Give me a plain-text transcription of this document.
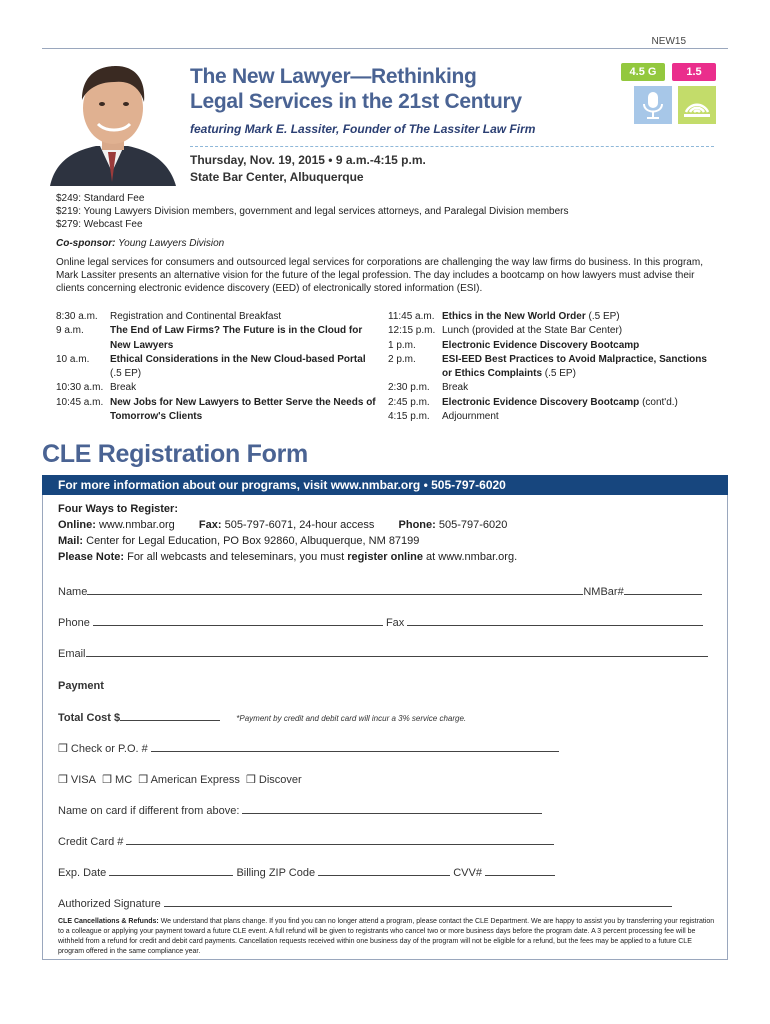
NEW15
The New Lawyer—Rethinking
Legal Services in the 21st Century
4.5 G	1.5
featuring Mark E. Lassiter, Founder of The Lassiter Law Firm
Thursday, Nov. 19, 2015 • 9 a.m.-4:15 p.m.
State Bar Center, Albuquerque
$249: Standard Fee
$219: Young Lawyers Division members, government and legal services attorneys, and Paralegal Division members
$279: Webcast Fee
Co-sponsor: Young Lawyers Division
Online legal services for consumers and outsourced legal services for corporations are challenging the way law firms do business. In this program, Mark Lassiter presents an alternative vision for the future of the legal profession. The day includes a bootcamp on how lawyers must advise their clients concerning electronic evidence discovery (EED) of electronically stored information (ESI).
8:30 a.m.	Registration and Continental Breakfast
9 a.m.	The End of Law Firms? The Future is in the Cloud for New Lawyers
10 a.m.	Ethical Considerations in the New Cloud-based Portal (.5 EP)
10:30 a.m. Break
10:45 a.m. New Jobs for New Lawyers to Better Serve the Needs of Tomorrow's Clients
11:45 a.m. Ethics in the New World Order (.5 EP)
12:15 p.m. Lunch (provided at the State Bar Center)
1 p.m.	Electronic Evidence Discovery Bootcamp
2 p.m.	ESI-EED Best Practices to Avoid Malpractice, Sanctions or Ethics Complaints (.5 EP)
2:30 p.m.	Break
2:45 p.m.	Electronic Evidence Discovery Bootcamp (cont'd.)
4:15 p.m.	Adjournment
CLE Registration Form
For more information about our programs, visit www.nmbar.org • 505-797-6020
Four Ways to Register:
Online: www.nmbar.org Fax: 505-797-6071, 24-hour access Phone: 505-797-6020
Mail: Center for Legal Education, PO Box 92860, Albuquerque, NM 87199
Please Note: For all webcasts and teleseminars, you must register online at www.nmbar.org.
Name	NMBar#
Phone	Fax
Email
Payment
Total Cost $	*Payment by credit and debit card will incur a 3% service charge.
❒ Check or P.O. #
❒ VISA ❒ MC ❒ American Express ❒ Discover
Name on card if different from above:
Credit Card #
Exp. Date	Billing ZIP Code	CVV#
Authorized Signature
CLE Cancellations & Refunds: We understand that plans change. If you find you can no longer attend a program, please contact the CLE Department. We are happy to assist you by transferring your registration to a colleague or applying your payment toward a future CLE event. A full refund will be given to registrants who cancel two or more business days before the program date. A 3 percent processing fee will be withheld from a refund for credit and debit card payments. Cancellation requests received within one business day of the program will not be eligible for a refund, but the fees may be applied to a future CLE program offered in the same compliance year.
